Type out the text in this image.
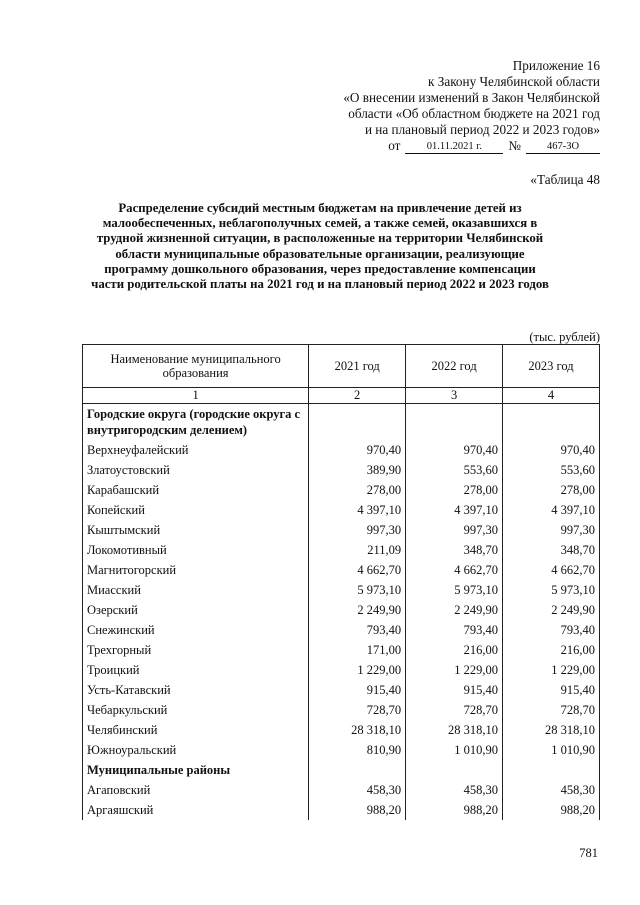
Приложение 16
к Закону Челябинской области
«О внесении изменений в Закон Челябинской
области «Об областном бюджете на 2021 год
и на плановый период 2022 и 2023 годов»
от	01.11.2021 г.	№	467-ЗО
«Таблица 48
Распределение субсидий местным бюджетам на привлечение детей из малообеспеченных, неблагополучных семей, а также семей, оказавшихся в трудной жизненной ситуации, в расположенные на территории Челябинской области муниципальные образовательные организации, реализующие программу дошкольного образования, через предоставление компенсации части родительской платы на 2021 год и на плановый период 2022 и 2023 годов
(тыс. рублей)
Наименование муниципального образования	2021 год	2022 год	2023 год
1	2	3	4
Городские округа (городские округа с внутригородским делением)			
Верхнеуфалейский	970,40	970,40	970,40
Златоустовский	389,90	553,60	553,60
Карабашский	278,00	278,00	278,00
Копейский	4 397,10	4 397,10	4 397,10
Кыштымский	997,30	997,30	997,30
Локомотивный	211,09	348,70	348,70
Магнитогорский	4 662,70	4 662,70	4 662,70
Миасский	5 973,10	5 973,10	5 973,10
Озерский	2 249,90	2 249,90	2 249,90
Снежинский	793,40	793,40	793,40
Трехгорный	171,00	216,00	216,00
Троицкий	1 229,00	1 229,00	1 229,00
Усть-Катавский	915,40	915,40	915,40
Чебаркульский	728,70	728,70	728,70
Челябинский	28 318,10	28 318,10	28 318,10
Южноуральский	810,90	1 010,90	1 010,90
Муниципальные районы			
Агаповский	458,30	458,30	458,30
Аргаяшский	988,20	988,20	988,20
781
